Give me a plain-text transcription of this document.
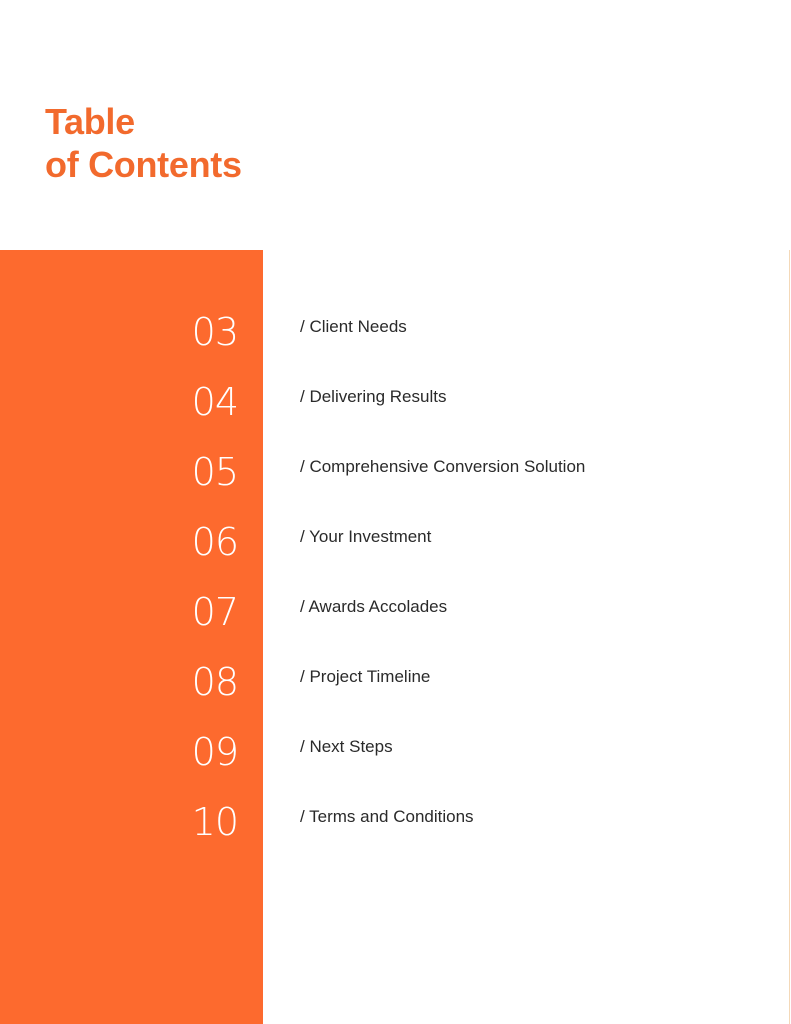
Table
of Contents
03	/ Client Needs
04	/ Delivering Results
05	/ Comprehensive Conversion Solution
06	/ Your Investment
07	/ Awards Accolades
08	/ Project Timeline
09	/ Next Steps
10	/ Terms and Conditions
